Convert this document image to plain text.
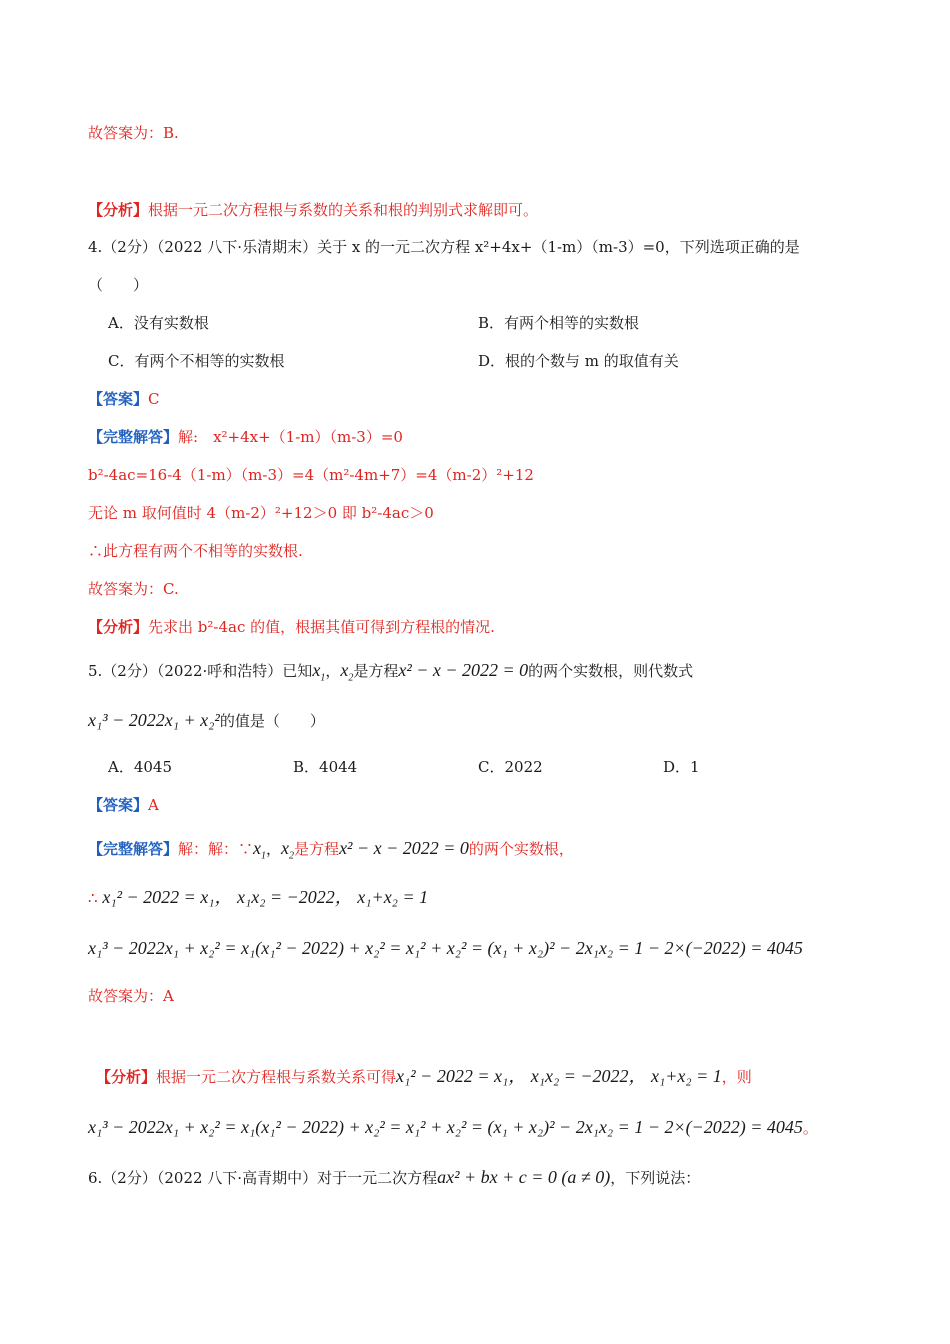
故答案为：B.
【分析】根据一元二次方程根与系数的关系和根的判别式求解即可。
4.（2分）（2022 八下·乐清期末）关于 x 的一元二次方程 x²+4x+（1-m）（m-3）=0，下列选项正确的是
（　　）
A．没有实数根	B．有两个相等的实数根
C．有两个不相等的实数根	D．根的个数与 m 的取值有关
【答案】C
【完整解答】解:　x²+4x+（1-m）（m-3）=0
b²-4ac=16-4（1-m）（m-3）=4（m²-4m+7）=4（m-2）²+12
无论 m 取何值时 4（m-2）²+12＞0 即 b²-4ac＞0
∴此方程有两个不相等的实数根.
故答案为：C.
【分析】先求出 b²-4ac 的值，根据其值可得到方程根的情况.
5.（2分）（2022·呼和浩特）已知$x_1$，$x_2$是方程x² − x − 2022 = 0的两个实数根，则代数式
x₁³ − 2022x₁ + x₂²的值是（　　）
A．4045	B．4044	C．2022	D．1
【答案】A
【完整解答】解：解：$\because x_1$，$x_2$是方程x² − x − 2022 = 0的两个实数根，
∴ x₁² − 2022 = x₁， x₁x₂ = −2022， x₁+x₂ = 1
x₁³ − 2022x₁ + x₂² = x₁(x₁² − 2022) + x₂² = x₁² + x₂² = (x₁ + x₂)² − 2x₁x₂ = 1 − 2×(−2022) = 4045
故答案为：A
【分析】根据一元二次方程根与系数关系可得x₁² − 2022 = x₁， x₁x₂ = −2022， x₁+x₂ = 1，则
x₁³ − 2022x₁ + x₂² = x₁(x₁² − 2022) + x₂² = x₁² + x₂² = (x₁ + x₂)² − 2x₁x₂ = 1 − 2×(−2022) = 4045。
6.（2分）（2022 八下·高青期中）对于一元二次方程ax² + bx + c = 0 (a ≠ 0)，下列说法：
